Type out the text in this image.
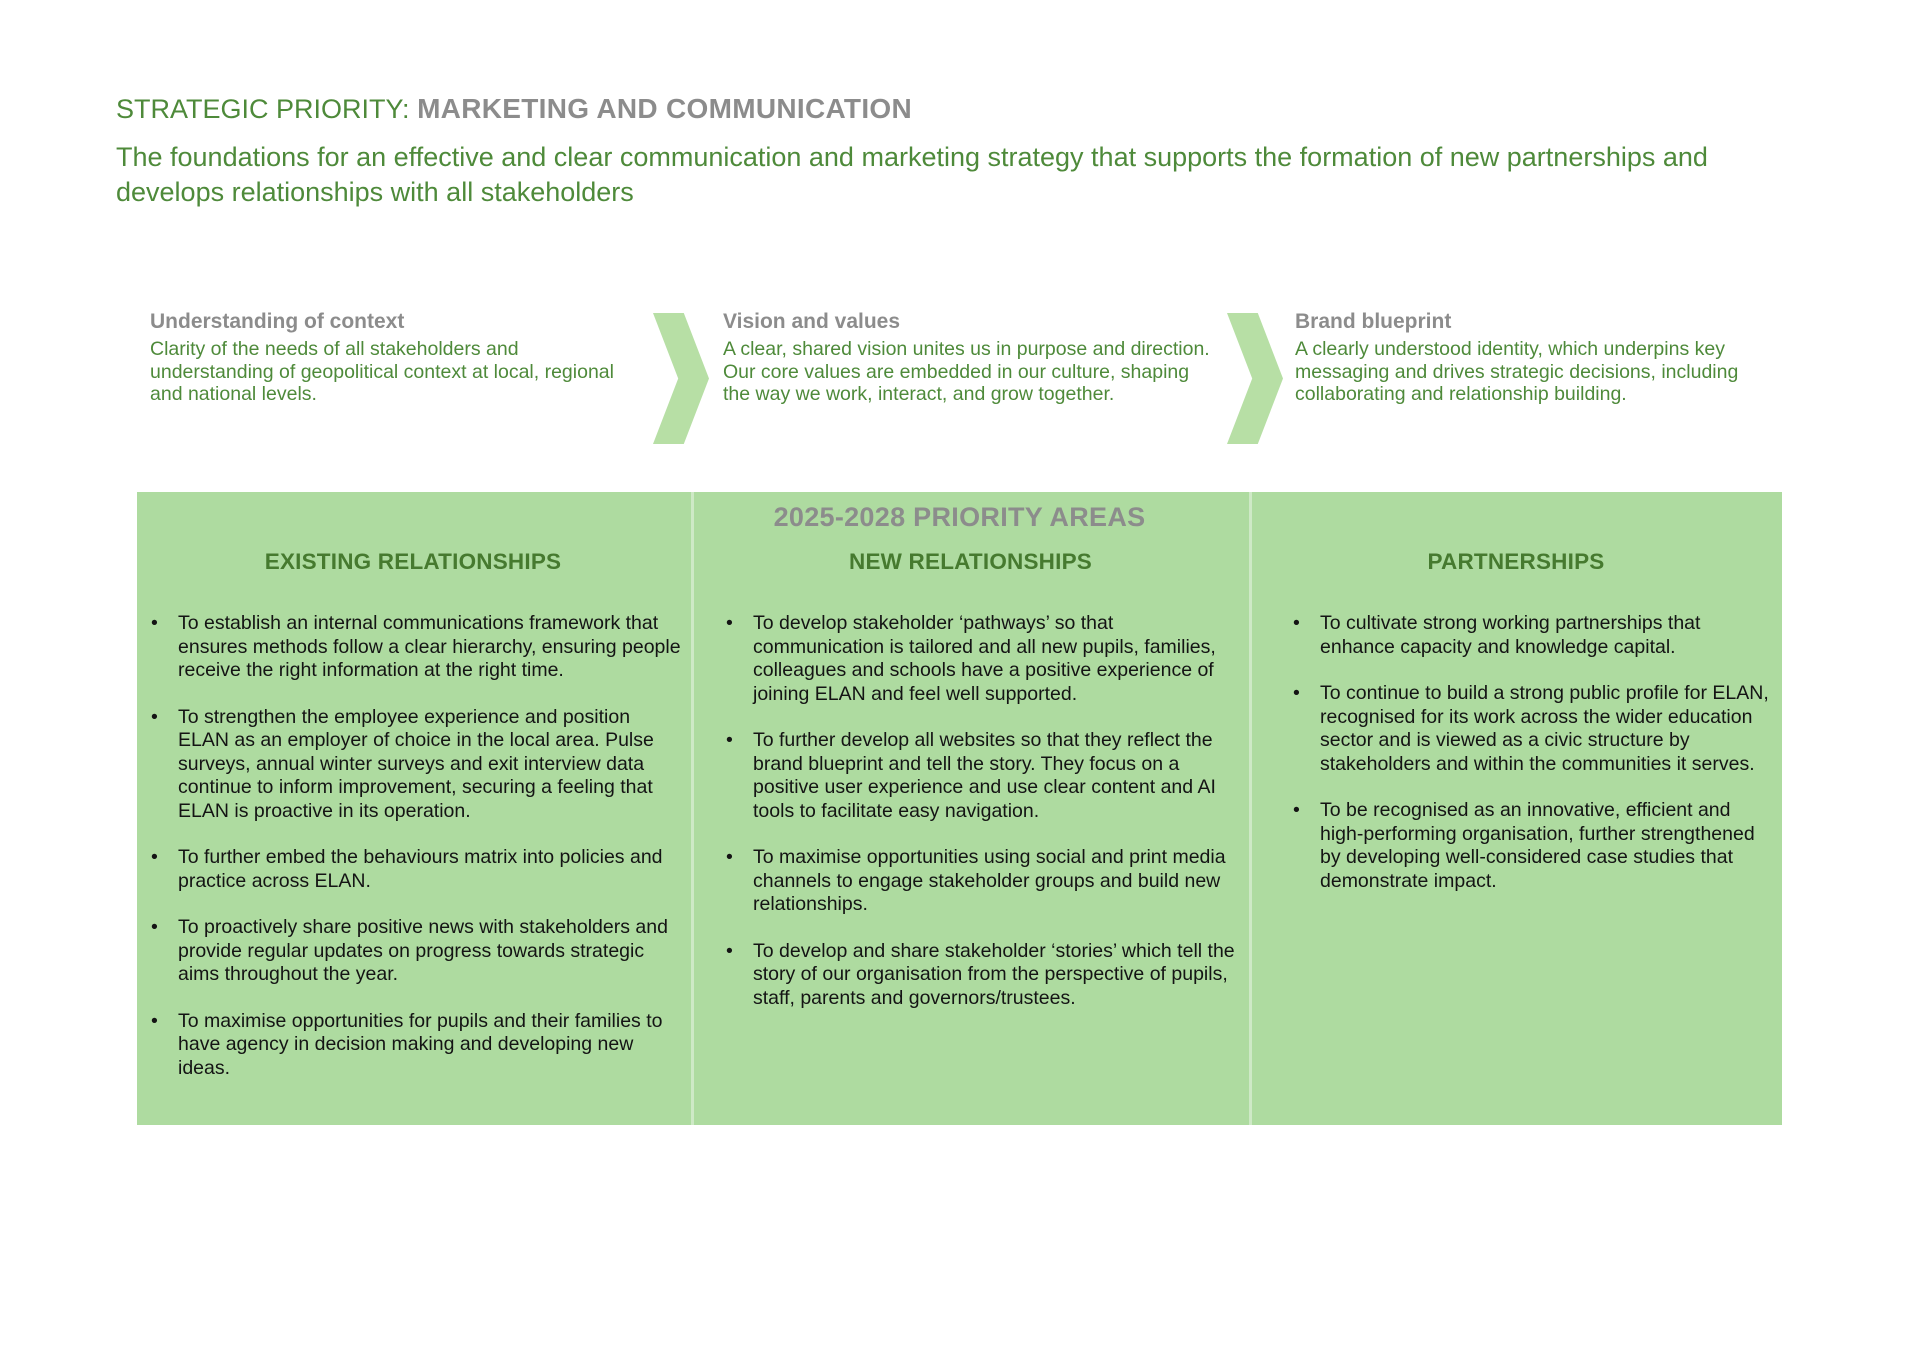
STRATEGIC PRIORITY: MARKETING AND COMMUNICATION
The foundations for an effective and clear communication and marketing strategy that supports the formation of new partnerships and develops relationships with all stakeholders
Understanding of context
Clarity of the needs of all stakeholders and understanding of geopolitical context at local, regional and national levels.
Vision and values
A clear, shared vision unites us in purpose and direction. Our core values are embedded in our culture, shaping the way we work, interact, and grow together.
Brand blueprint
A clearly understood identity, which underpins key messaging and drives strategic decisions, including collaborating and relationship building.
2025-2028 PRIORITY AREAS
EXISTING RELATIONSHIPS
• To establish an internal communications framework that ensures methods follow a clear hierarchy, ensuring people receive the right information at the right time.
• To strengthen the employee experience and position ELAN as an employer of choice in the local area. Pulse surveys, annual winter surveys and exit interview data continue to inform improvement, securing a feeling that ELAN is proactive in its operation.
• To further embed the behaviours matrix into policies and practice across ELAN.
• To proactively share positive news with stakeholders and provide regular updates on progress towards strategic aims throughout the year.
• To maximise opportunities for pupils and their families to have agency in decision making and developing new ideas.
NEW RELATIONSHIPS
• To develop stakeholder ‘pathways’ so that communication is tailored and all new pupils, families, colleagues and schools have a positive experience of joining ELAN and feel well supported.
• To further develop all websites so that they reflect the brand blueprint and tell the story. They focus on a positive user experience and use clear content and AI tools to facilitate easy navigation.
• To maximise opportunities using social and print media channels to engage stakeholder groups and build new relationships.
• To develop and share stakeholder ‘stories’ which tell the story of our organisation from the perspective of pupils, staff, parents and governors/trustees.
PARTNERSHIPS
• To cultivate strong working partnerships that enhance capacity and knowledge capital.
• To continue to build a strong public profile for ELAN, recognised for its work across the wider education sector and is viewed as a civic structure by stakeholders and within the communities it serves.
• To be recognised as an innovative, efficient and high-performing organisation, further strengthened by developing well-considered case studies that demonstrate impact.
